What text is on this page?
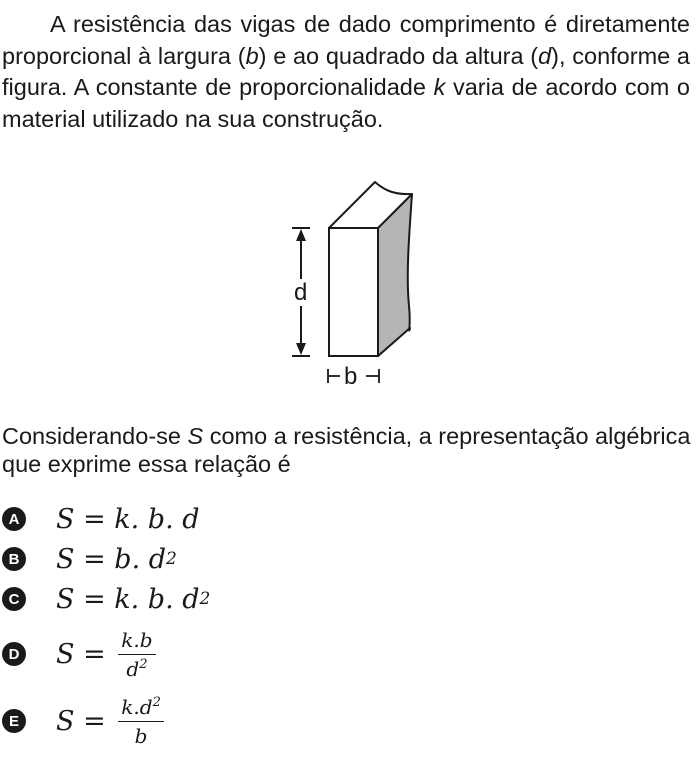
A resistência das vigas de dado comprimento é diretamente proporcional à largura (b) e ao quadrado da altura (d), conforme a figura. A constante de proporcionalidade k varia de acordo com o material utilizado na sua construção.
d
b
Considerando-se S como a resistência, a representação algébrica que exprime essa relação é
A S = k. b. d
B S = b. d 2
C S = k. b. d 2
D $S = \frac{k.b}{d^2}$
E $S = \frac{k.d^2}{b}$
